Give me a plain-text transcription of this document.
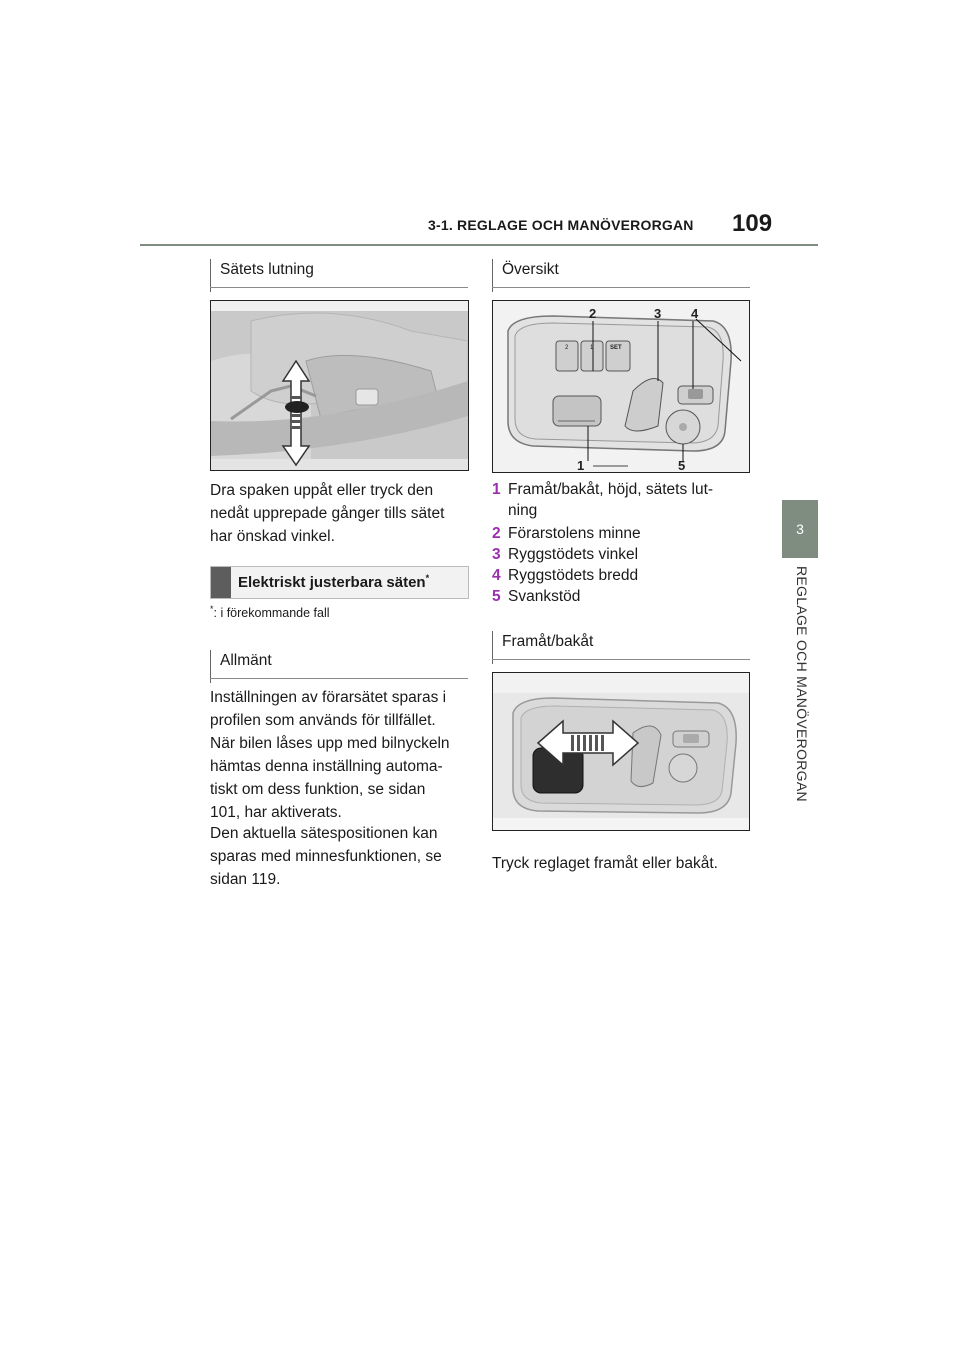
3-1. REGLAGE OCH MANÖVERORGAN 109
3
REGLAGE OCH MANÖVERORGAN
Sätets lutning
Dra spaken uppåt eller tryck den
nedåt upprepade gånger tills sätet
har önskad vinkel.
Elektriskt justerbara säten*
*: i förekommande fall
Allmänt
Inställningen av förarsätet sparas i
profilen som används för tillfället.
När bilen låses upp med bilnyckeln
hämtas denna inställning automa-
tiskt om dess funktion, se sidan
101, har aktiverats.
Den aktuella sätespositionen kan
sparas med minnesfunktionen, se
sidan 119.
Översikt
2	1	SET
2	3 4
1	5
1 Framåt/bakåt, höjd, sätets lut-
ning
2 Förarstolens minne
3 Ryggstödets vinkel
4 Ryggstödets bredd
5 Svankstöd
Framåt/bakåt
Tryck reglaget framåt eller bakåt.
